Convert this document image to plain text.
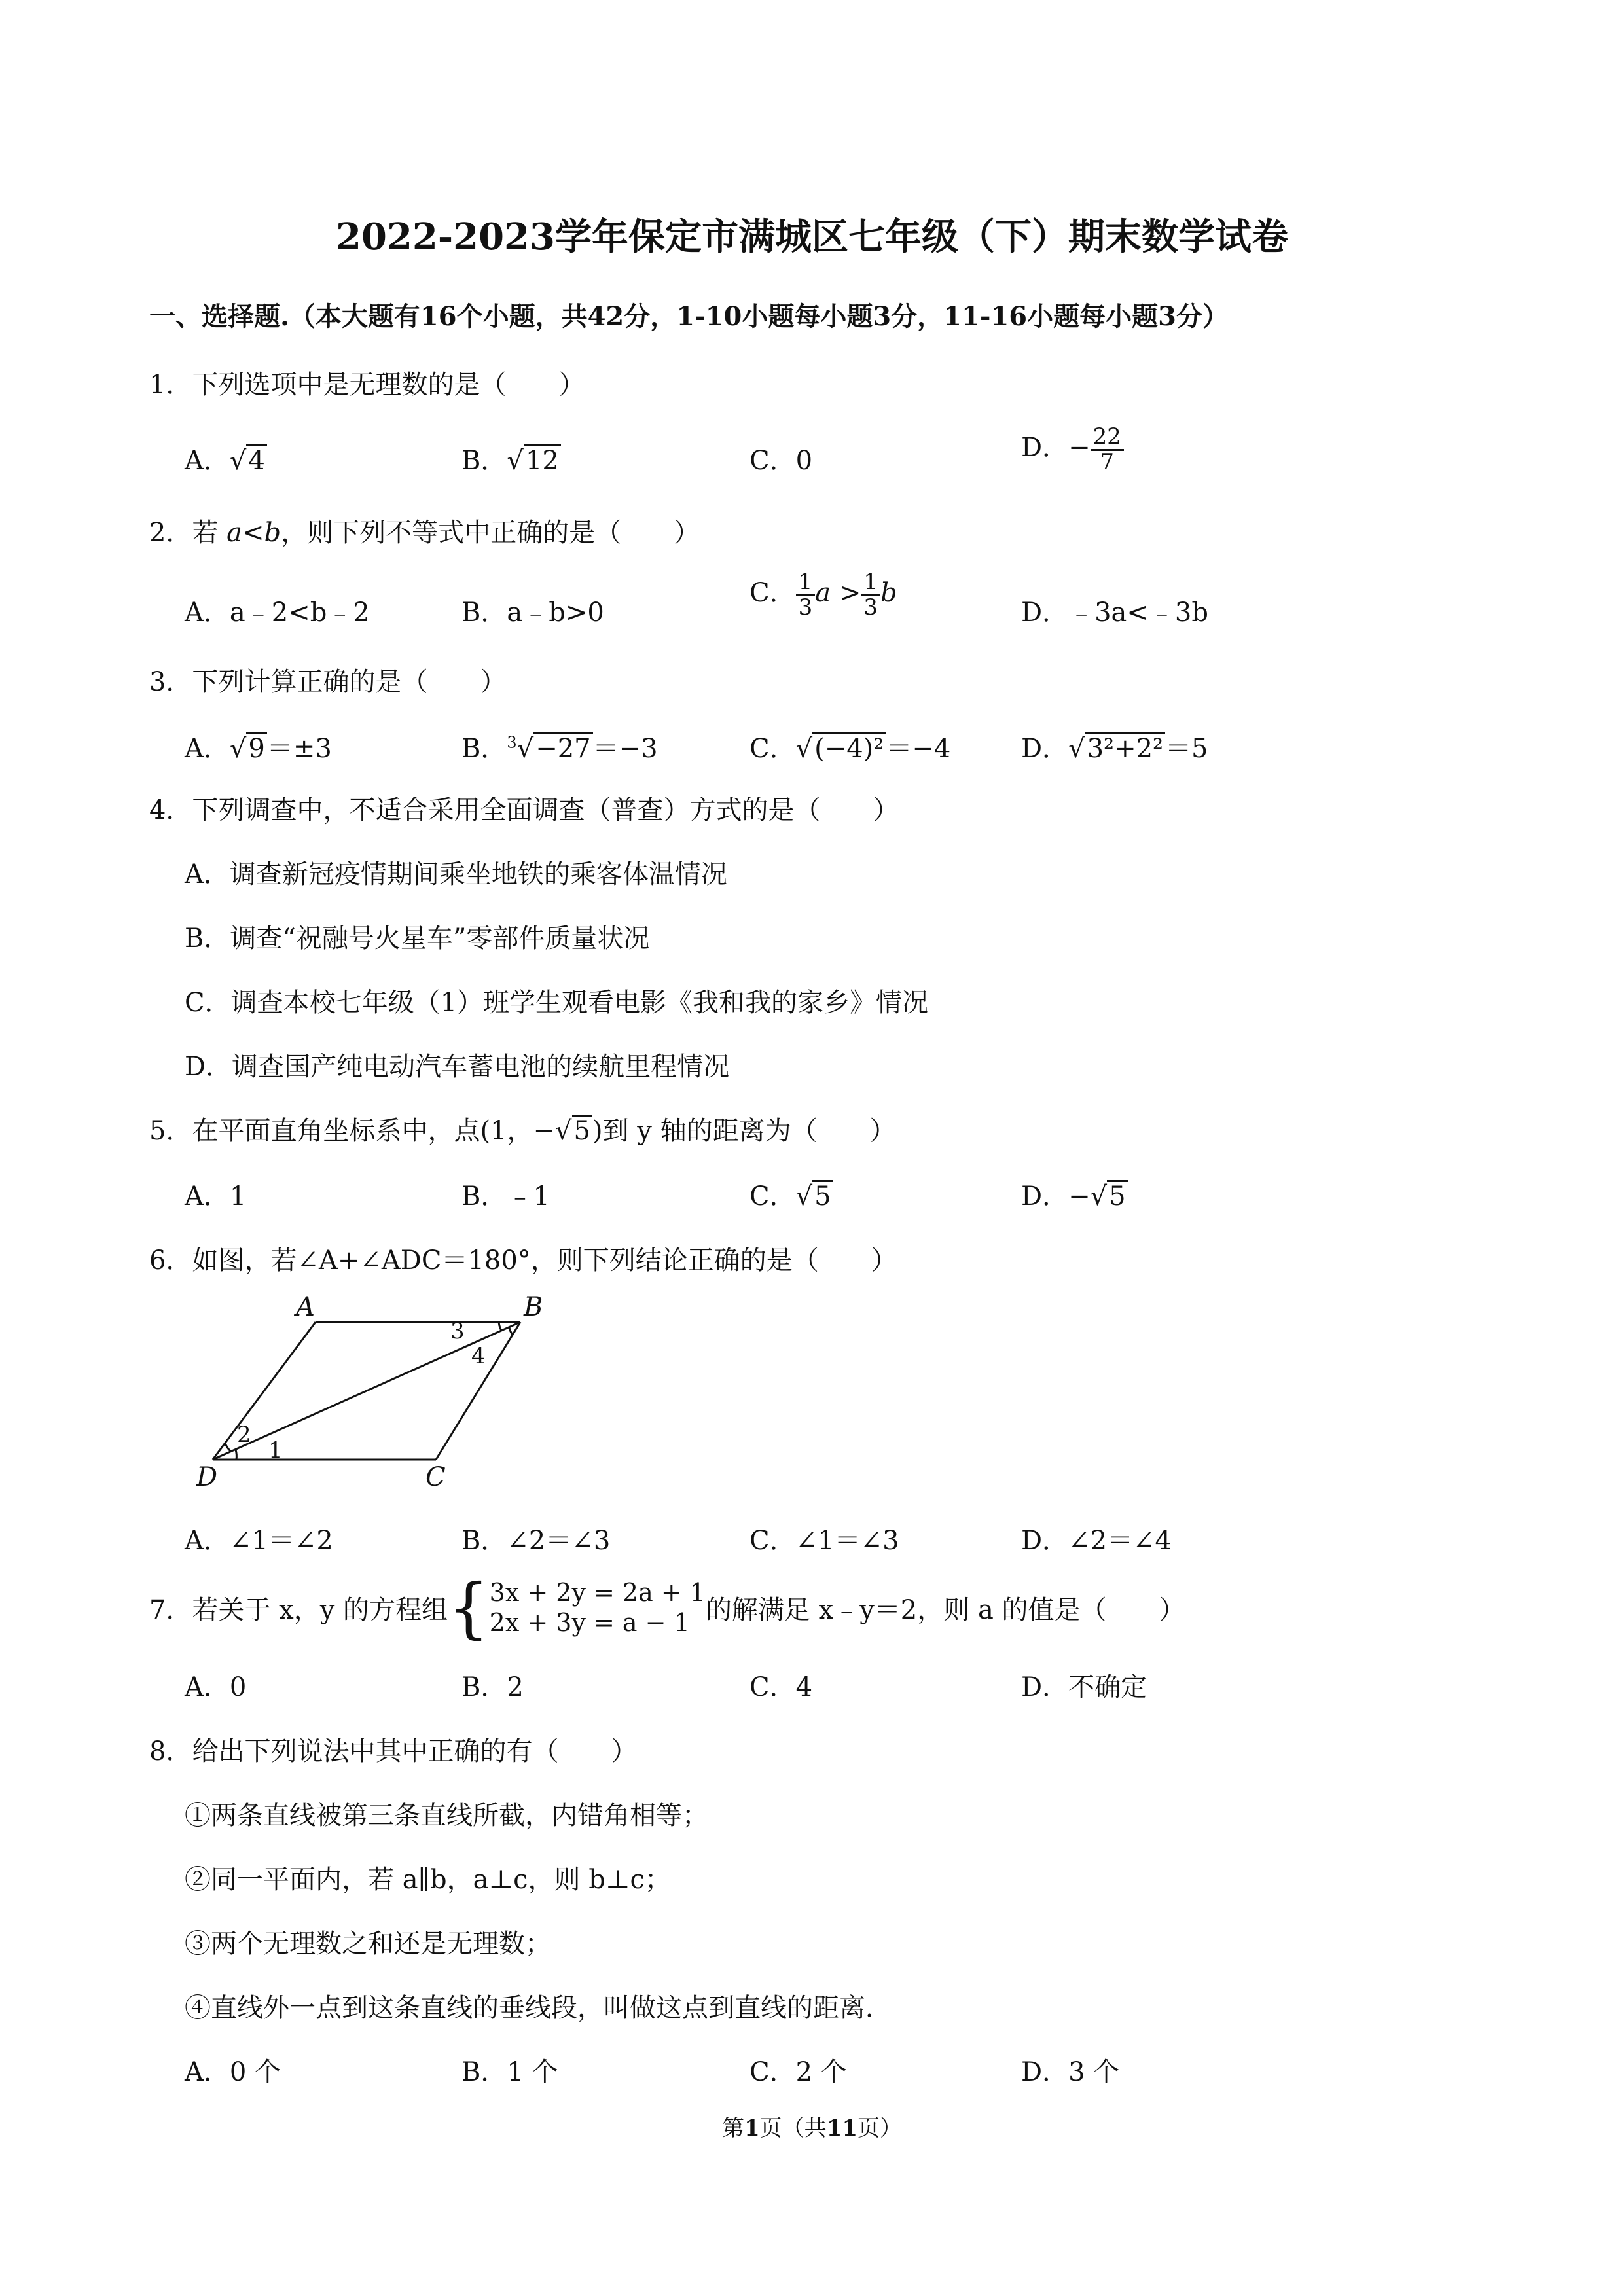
2022-2023学年保定市满城区七年级（下）期末数学试卷
一、选择题.（本大题有16个小题，共42分，1-10小题每小题3分，11-16小题每小题3分）
1．下列选项中是无理数的是（　　）
A．√4	B．√12	C．0	D．− $\frac{22}{7}$
2．若 a<b，则下列不等式中正确的是（　　）
A．a﹣2<b﹣2	B．a﹣b>0
C． $\frac{1}{3}$ $a > \frac{1}{3}$ b
D．﹣3a<﹣3b
3．下列计算正确的是（　　）
A．√9＝±3	B．$^3$√−27＝−3	C．√(−4)²＝−4	D．√3²+2²＝5
4．下列调查中，不适合采用全面调查（普查）方式的是（　　）
A．调查新冠疫情期间乘坐地铁的乘客体温情况
B．调查“祝融号火星车”零部件质量状况
C．调查本校七年级（1）班学生观看电影《我和我的家乡》情况
D．调查国产纯电动汽车蓄电池的续航里程情况
5．在平面直角坐标系中，点(1，−√5)到 y 轴的距离为（　　）
A．1	B．﹣1	C．√5	D．−√5
6．如图，若∠A+∠ADC＝180°，则下列结论正确的是（　　）
A	B
C
D
1
2
3
4
A．∠1＝∠2	B．∠2＝∠3	C．∠1＝∠3	D．∠2＝∠4
7．若关于 x，y 的方程组{ 3x + 2y = 2a + 1
2x + 3y = a − 1 的解满足 x﹣y＝2，则 a 的值是（　　）
A．0	B．2	C．4	D．不确定
8．给出下列说法中其中正确的有（　　）
①两条直线被第三条直线所截，内错角相等；
②同一平面内，若 a∥b，a⊥c，则 b⊥c；
③两个无理数之和还是无理数；
④直线外一点到这条直线的垂线段，叫做这点到直线的距离．
A．0 个	B．1 个	C．2 个	D．3 个
第1页（共11页）
